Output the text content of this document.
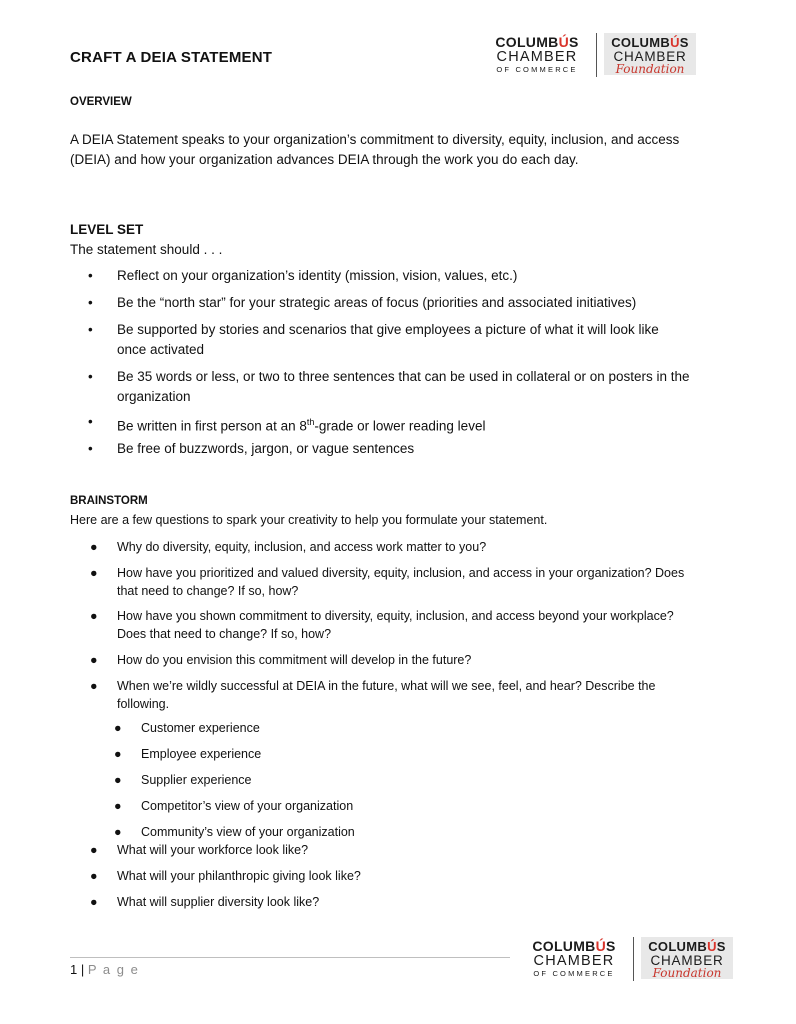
CRAFT A DEIA STATEMENT
COLUMBÚS
CHAMBER
OF COMMERCE
COLUMBÚS
CHAMBER
Foundation
OVERVIEW
A DEIA Statement speaks to your organization’s commitment to diversity, equity, inclusion, and access
(DEIA) and how your organization advances DEIA through the work you do each day.
LEVEL SET
The statement should . . .
• Reflect on your organization’s identity (mission, vision, values, etc.)
• Be the “north star” for your strategic areas of focus (priorities and associated initiatives)
• Be supported by stories and scenarios that give employees a picture of what it will look like
once activated
• Be 35 words or less, or two to three sentences that can be used in collateral or on posters in the
organization
• Be written in first person at an 8th-grade or lower reading level
• Be free of buzzwords, jargon, or vague sentences
BRAINSTORM
Here are a few questions to spark your creativity to help you formulate your statement.
● Why do diversity, equity, inclusion, and access work matter to you?
● How have you prioritized and valued diversity, equity, inclusion, and access in your organization? Does
that need to change? If so, how?
● How have you shown commitment to diversity, equity, inclusion, and access beyond your workplace?
Does that need to change? If so, how?
● How do you envision this commitment will develop in the future?
● When we’re wildly successful at DEIA in the future, what will we see, feel, and hear? Describe the
following.
● Customer experience
● Employee experience
● Supplier experience
● Competitor’s view of your organization
● Community’s view of your organization
● What will your workforce look like?
● What will your philanthropic giving look like?
● What will supplier diversity look like?
1 | P a g e
COLUMBÚS
CHAMBER
OF COMMERCE
COLUMBÚS
CHAMBER
Foundation
